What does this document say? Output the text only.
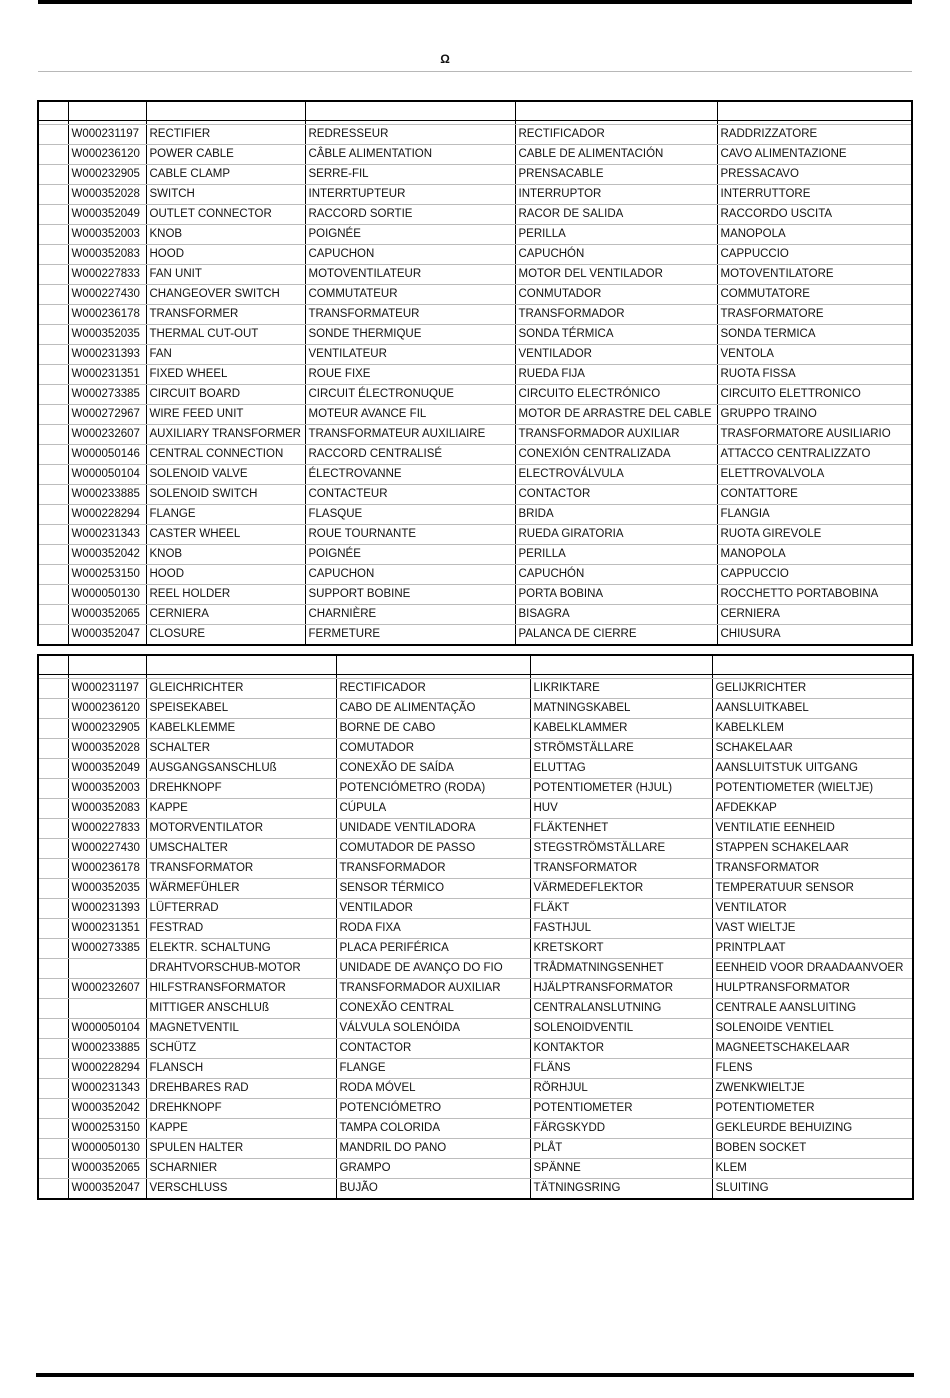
Ω

	W000231197	RECTIFIER	REDRESSEUR	RECTIFICADOR	RADDRIZZATORE
	W000236120	POWER CABLE	CÂBLE ALIMENTATION	CABLE DE ALIMENTACIÓN	CAVO ALIMENTAZIONE
	W000232905	CABLE CLAMP	SERRE-FIL	PRENSACABLE	PRESSACAVO
	W000352028	SWITCH	INTERRTUPTEUR	INTERRUPTOR	INTERRUTTORE
	W000352049	OUTLET CONNECTOR	RACCORD SORTIE	RACOR DE SALIDA	RACCORDO USCITA
	W000352003	KNOB	POIGNÉE	PERILLA	MANOPOLA
	W000352083	HOOD	CAPUCHON	CAPUCHÓN	CAPPUCCIO
	W000227833	FAN UNIT	MOTOVENTILATEUR	MOTOR DEL VENTILADOR	MOTOVENTILATORE
	W000227430	CHANGEOVER SWITCH	COMMUTATEUR	CONMUTADOR	COMMUTATORE
	W000236178	TRANSFORMER	TRANSFORMATEUR	TRANSFORMADOR	TRASFORMATORE
	W000352035	THERMAL CUT-OUT	SONDE THERMIQUE	SONDA TÉRMICA	SONDA TERMICA
	W000231393	FAN	VENTILATEUR	VENTILADOR	VENTOLA
	W000231351	FIXED WHEEL	ROUE FIXE	RUEDA FIJA	RUOTA FISSA
	W000273385	CIRCUIT BOARD	CIRCUIT ÉLECTRONUQUE	CIRCUITO ELECTRÓNICO	CIRCUITO ELETTRONICO
	W000272967	WIRE FEED UNIT	MOTEUR AVANCE FIL	MOTOR DE ARRASTRE DEL CABLE	GRUPPO TRAINO
	W000232607	AUXILIARY TRANSFORMER	TRANSFORMATEUR AUXILIAIRE	TRANSFORMADOR AUXILIAR	TRASFORMATORE AUSILIARIO
	W000050146	CENTRAL CONNECTION	RACCORD CENTRALISÉ	CONEXIÓN CENTRALIZADA	ATTACCO CENTRALIZZATO
	W000050104	SOLENOID VALVE	ÉLECTROVANNE	ELECTROVÁLVULA	ELETTROVALVOLA
	W000233885	SOLENOID SWITCH	CONTACTEUR	CONTACTOR	CONTATTORE
	W000228294	FLANGE	FLASQUE	BRIDA	FLANGIA
	W000231343	CASTER WHEEL	ROUE TOURNANTE	RUEDA GIRATORIA	RUOTA GIREVOLE
	W000352042	KNOB	POIGNÉE	PERILLA	MANOPOLA
	W000253150	HOOD	CAPUCHON	CAPUCHÓN	CAPPUCCIO
	W000050130	REEL HOLDER	SUPPORT BOBINE	PORTA BOBINA	ROCCHETTO PORTABOBINA
	W000352065	CERNIERA	CHARNIÈRE	BISAGRA	CERNIERA
	W000352047	CLOSURE	FERMETURE	PALANCA DE CIERRE	CHIUSURA

	W000231197	GLEICHRICHTER	RECTIFICADOR	LIKRIKTARE	GELIJKRICHTER
	W000236120	SPEISEKABEL	CABO DE ALIMENTAÇÃO	MATNINGSKABEL	AANSLUITKABEL
	W000232905	KABELKLEMME	BORNE DE CABO	KABELKLAMMER	KABELKLEM
	W000352028	SCHALTER	COMUTADOR	STRÖMSTÄLLARE	SCHAKELAAR
	W000352049	AUSGANGSANSCHLUß	CONEXÃO DE SAÍDA	ELUTTAG	AANSLUITSTUK UITGANG
	W000352003	DREHKNOPF	POTENCIÓMETRO (RODA)	POTENTIOMETER (HJUL)	POTENTIOMETER (WIELTJE)
	W000352083	KAPPE	CÚPULA	HUV	AFDEKKAP
	W000227833	MOTORVENTILATOR	UNIDADE VENTILADORA	FLÄKTENHET	VENTILATIE EENHEID
	W000227430	UMSCHALTER	COMUTADOR DE PASSO	STEGSTRÖMSTÄLLARE	STAPPEN SCHAKELAAR
	W000236178	TRANSFORMATOR	TRANSFORMADOR	TRANSFORMATOR	TRANSFORMATOR
	W000352035	WÄRMEFÜHLER	SENSOR TÉRMICO	VÄRMEDEFLEKTOR	TEMPERATUUR SENSOR
	W000231393	LÜFTERRAD	VENTILADOR	FLÄKT	VENTILATOR
	W000231351	FESTRAD	RODA FIXA	FASTHJUL	VAST WIELTJE
	W000273385	ELEKTR. SCHALTUNG	PLACA PERIFÉRICA	KRETSKORT	PRINTPLAAT
		DRAHTVORSCHUB-MOTOR	UNIDADE DE AVANÇO DO FIO	TRÅDMATNINGSENHET	EENHEID VOOR DRAADAANVOER
	W000232607	HILFSTRANSFORMATOR	TRANSFORMADOR AUXILIAR	HJÄLPTRANSFORMATOR	HULPTRANSFORMATOR
		MITTIGER ANSCHLUß	CONEXÃO CENTRAL	CENTRALANSLUTNING	CENTRALE AANSLUITING
	W000050104	MAGNETVENTIL	VÁLVULA SOLENÓIDA	SOLENOIDVENTIL	SOLENOIDE VENTIEL
	W000233885	SCHÜTZ	CONTACTOR	KONTAKTOR	MAGNEETSCHAKELAAR
	W000228294	FLANSCH	FLANGE	FLÄNS	FLENS
	W000231343	DREHBARES RAD	RODA MÓVEL	RÖRHJUL	ZWENKWIELTJE
	W000352042	DREHKNOPF	POTENCIÓMETRO	POTENTIOMETER	POTENTIOMETER
	W000253150	KAPPE	TAMPA COLORIDA	FÄRGSKYDD	GEKLEURDE BEHUIZING
	W000050130	SPULEN HALTER	MANDRIL DO PANO	PLÅT	BOBEN SOCKET
	W000352065	SCHARNIER	GRAMPO	SPÄNNE	KLEM
	W000352047	VERSCHLUSS	BUJÃO	TÄTNINGSRING	SLUITING
